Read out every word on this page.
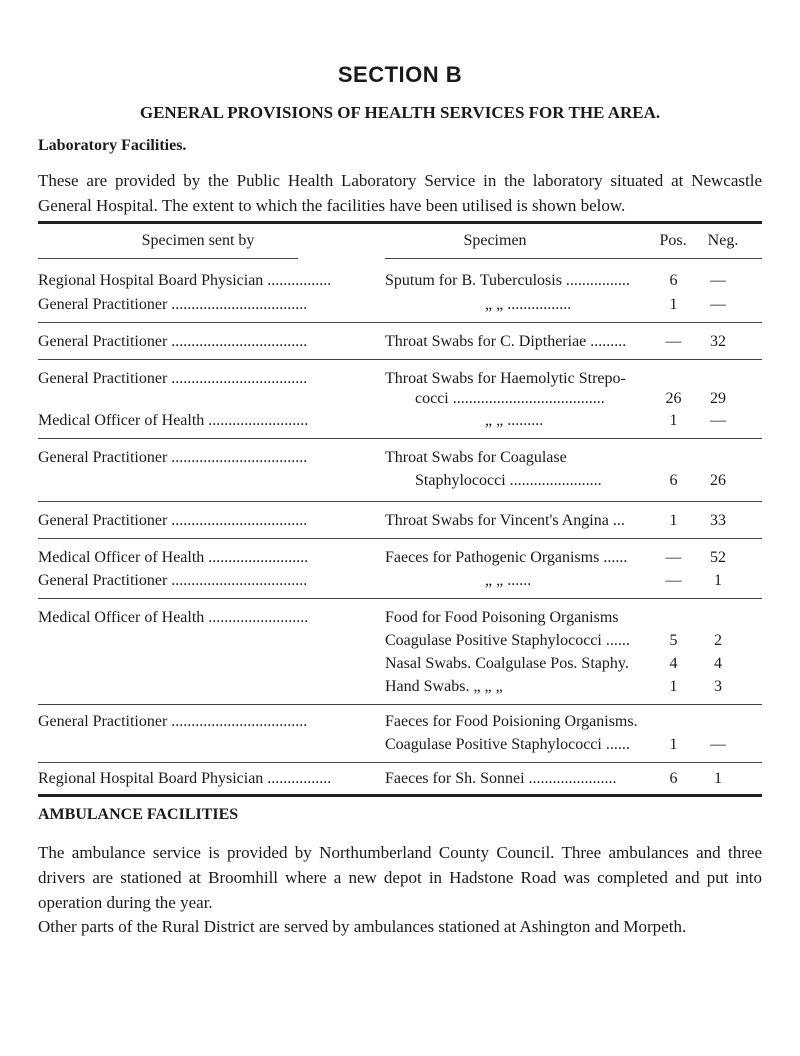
SECTION B
GENERAL PROVISIONS OF HEALTH SERVICES FOR THE AREA.
Laboratory Facilities.
These are provided by the Public Health Laboratory Service in the laboratory situated at Newcastle General Hospital. The extent to which the facilities have been utilised is shown below.
Specimen sent by	Specimen	Pos.	Neg.
Regional Hospital Board Physician ................	Sputum for B. Tuberculosis ................	6	—
General Practitioner ..................................	„ „ ................	1	—
General Practitioner ..................................	Throat Swabs for C. Diptheriae .........	—	32
General Practitioner ..................................	Throat Swabs for Haemolytic Strepo-
cocci ......................................	26	29
Medical Officer of Health .........................	„ „ .........	1	—
General Practitioner ..................................	Throat Swabs for Coagulase
Staphylococci .......................	6	26
General Practitioner ..................................	Throat Swabs for Vincent's Angina ...	1	33
Medical Officer of Health .........................	Faeces for Pathogenic Organisms ......	—	52
General Practitioner ..................................	„ „ ......	—	1
Medical Officer of Health .........................	Food for Food Poisoning Organisms
Coagulase Positive Staphylococci ......	5	2
Nasal Swabs. Coalgulase Pos. Staphy.	4	4
Hand Swabs. „ „ „	1	3
General Practitioner ..................................	Faeces for Food Poisioning Organisms.
Coagulase Positive Staphylococci ......	1	—
Regional Hospital Board Physician ................	Faeces for Sh. Sonnei ......................	6	1
AMBULANCE FACILITIES
The ambulance service is provided by Northumberland County Council. Three ambulances and three drivers are stationed at Broomhill where a new depot in Hadstone Road was completed and put into operation during the year.
Other parts of the Rural District are served by ambulances stationed at Ashington and Morpeth.
